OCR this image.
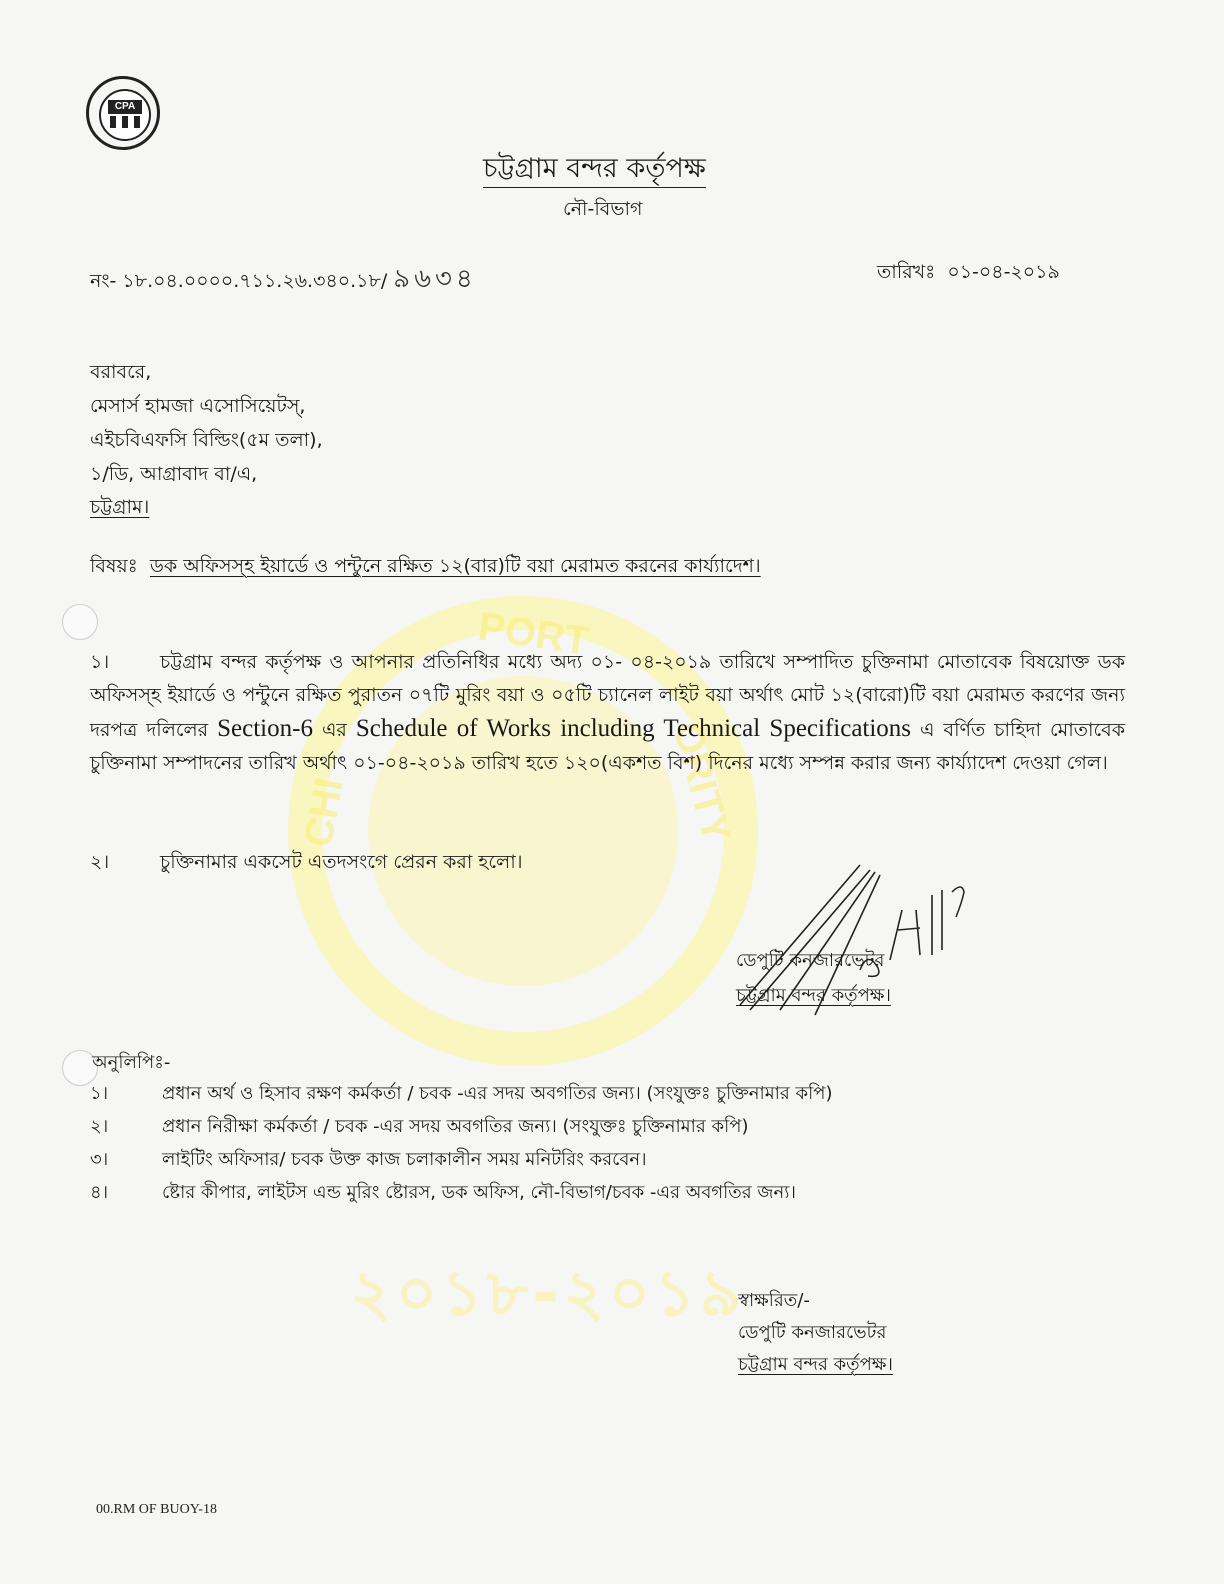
PORT
CHI	ORITY
২০১৮-২০১৯
CPA
চট্টগ্রাম বন্দর কর্তৃপক্ষ
নৌ-বিভাগ
নং- ১৮.০৪.০০০০.৭১১.২৬.৩৪০.১৮/ ৯৬৩৪	তারিখঃ ০১-০৪-২০১৯
বরাবরে,
মেসার্স হামজা এসোসিয়েটস্‌,
এইচবিএফসি বিল্ডিং(৫ম তলা),
১/ডি, আগ্রাবাদ বা/এ,
চট্টগ্রাম।
বিষয়ঃ ডক অফিসস্হ ইয়ার্ডে ও পন্টুনে রক্ষিত ১২(বার)টি বয়া মেরামত করনের কার্য্যাদেশ।
১।	চট্টগ্রাম বন্দর কর্তৃপক্ষ ও আপনার প্রতিনিধির মধ্যে অদ্য ০১- ০৪-২০১৯ তারিখে সম্পাদিত চুক্তিনামা মোতাবেক বিষয়োক্ত ডক অফিসস্হ ইয়ার্ডে ও পন্টুনে রক্ষিত পুরাতন ০৭টি মুরিং বয়া ও ০৫টি চ্যানেল লাইট বয়া অর্থাৎ মোট ১২(বারো)টি বয়া মেরামত করণের জন্য দরপত্র দলিলের Section-6 এর Schedule of Works including Technical Specifications এ বর্ণিত চাহিদা মোতাবেক চুক্তিনামা সম্পাদনের তারিখ অর্থাৎ ০১-০৪-২০১৯ তারিখ হতে ১২০(একশত বিশ) দিনের মধ্যে সম্পন্ন করার জন্য কার্য্যাদেশ দেওয়া গেল।
২।	চুক্তিনামার একসেট এতদসংগে প্রেরন করা হলো।
ডেপুটি কনজারভেটর
চট্টগ্রাম বন্দর কর্তৃপক্ষ।
অনুলিপিঃ-
১।	প্রধান অর্থ ও হিসাব রক্ষণ কর্মকর্তা / চবক -এর সদয় অবগতির জন্য। (সংযুক্তঃ চুক্তিনামার কপি)
২।	প্রধান নিরীক্ষা কর্মকর্তা / চবক -এর সদয় অবগতির জন্য। (সংযুক্তঃ চুক্তিনামার কপি)
৩।	লাইটিং অফিসার/ চবক উক্ত কাজ চলাকালীন সময় মনিটরিং করবেন।
৪।	ষ্টোর কীপার, লাইটস এন্ড মুরিং ষ্টোরস, ডক অফিস, নৌ-বিভাগ/চবক -এর অবগতির জন্য।
স্বাক্ষরিত/-
ডেপুটি কনজারভেটর
চট্টগ্রাম বন্দর কর্তৃপক্ষ।
00.RM OF BUOY-18
